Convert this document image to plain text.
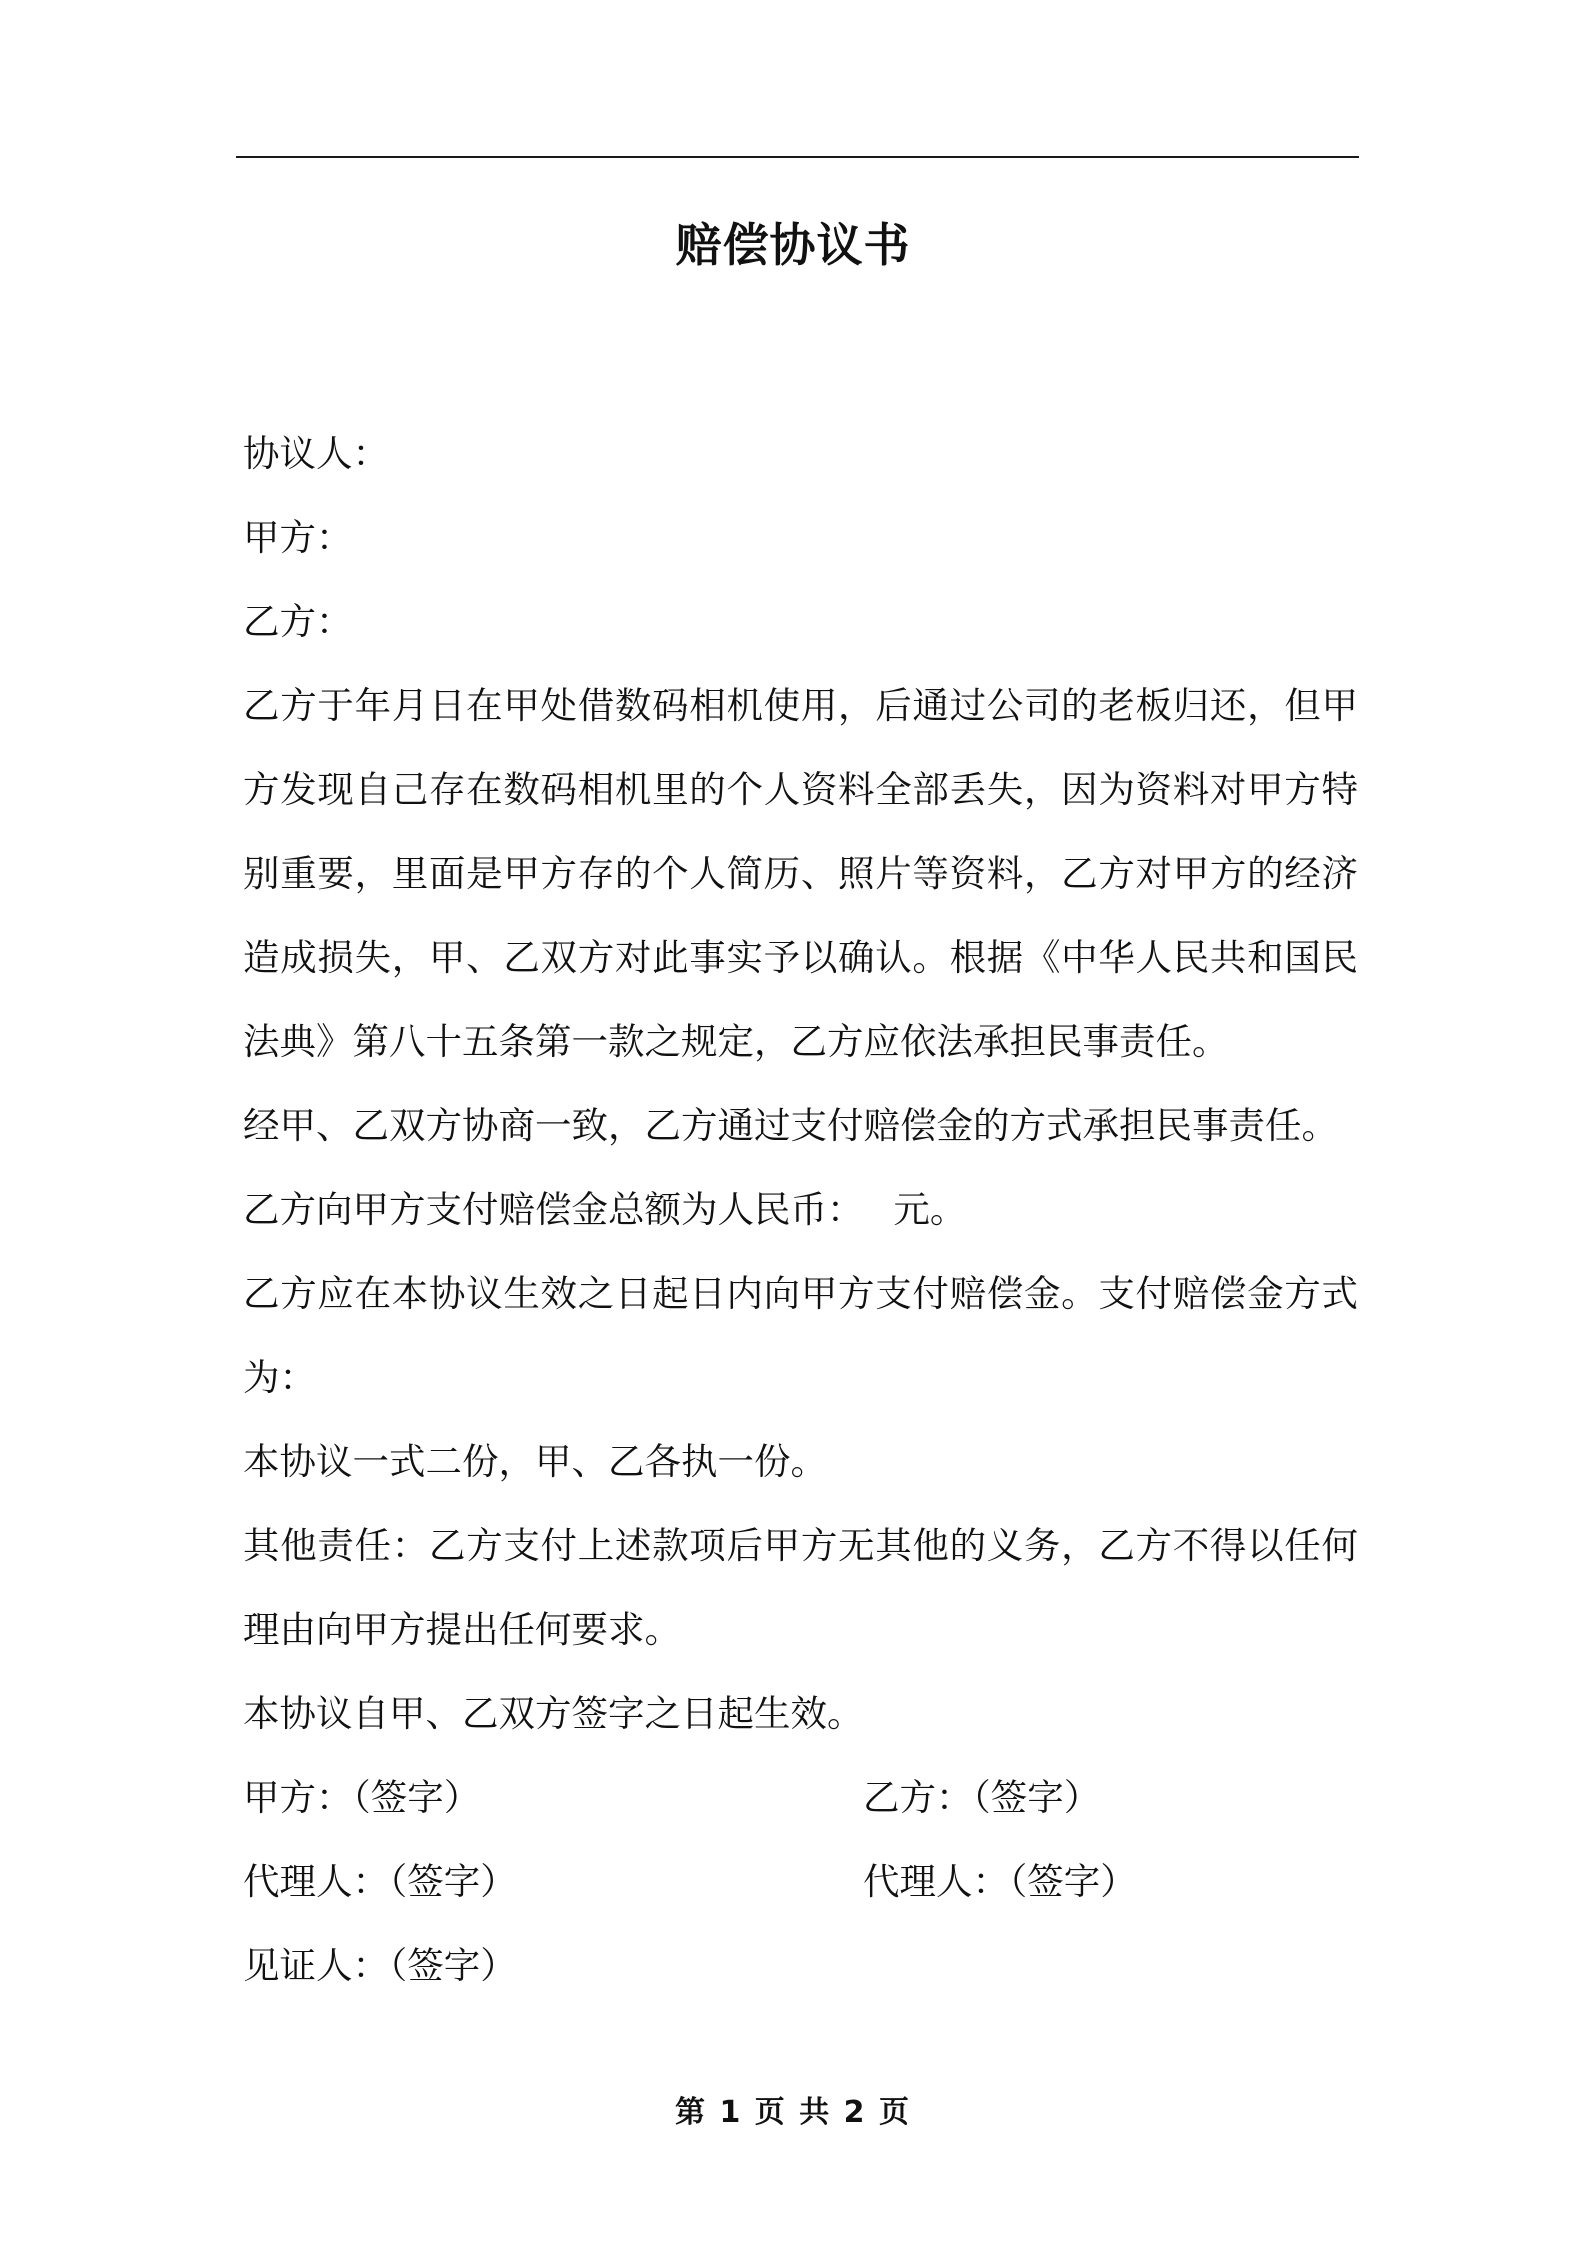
赔偿协议书

协议人：

甲方：

乙方：

乙方于年月日在甲处借数码相机使用，后通过公司的老板归还，但甲方发现自己存在数码相机里的个人资料全部丢失，因为资料对甲方特别重要，里面是甲方存的个人简历、照片等资料，乙方对甲方的经济造成损失，甲、乙双方对此事实予以确认。根据《中华人民共和国民法典》第八十五条第一款之规定，乙方应依法承担民事责任。

经甲、乙双方协商一致，乙方通过支付赔偿金的方式承担民事责任。

乙方向甲方支付赔偿金总额为人民币：　 元。

乙方应在本协议生效之日起日内向甲方支付赔偿金。支付赔偿金方式为：

本协议一式二份，甲、乙各执一份。

其他责任：乙方支付上述款项后甲方无其他的义务，乙方不得以任何理由向甲方提出任何要求。

本协议自甲、乙双方签字之日起生效。

甲方：（签字）	乙方：（签字）
代理人：（签字）	代理人：（签字）
见证人：（签字）
第 1 页 共 2 页
